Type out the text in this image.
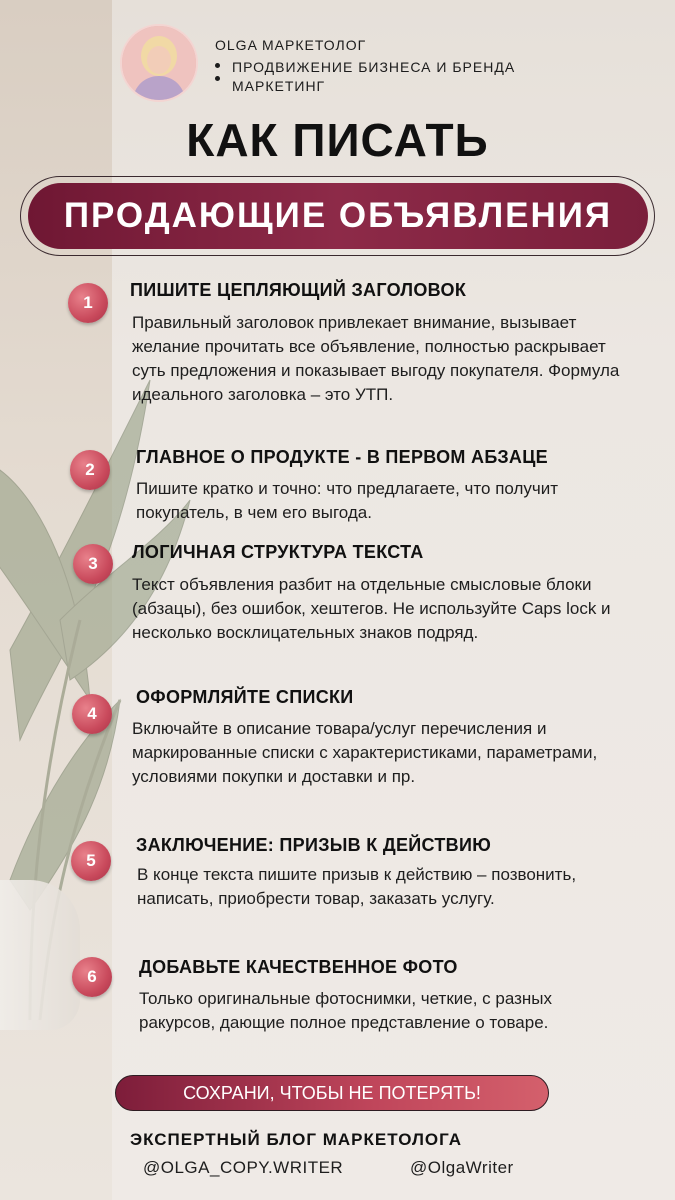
OLGA МАРКЕТОЛОГ
ПРОДВИЖЕНИЕ БИЗНЕСА И БРЕНДА МАРКЕТИНГ
КАК ПИСАТЬ
ПРОДАЮЩИЕ ОБЪЯВЛЕНИЯ
1
ПИШИТЕ ЦЕПЛЯЮЩИЙ ЗАГОЛОВОК
Правильный заголовок привлекает внимание, вызывает желание прочитать все объявление, полностью раскрывает суть предложения и показывает выгоду покупателя. Формула идеального заголовка – это УТП.
2
ГЛАВНОЕ О ПРОДУКТЕ - В ПЕРВОМ АБЗАЦЕ
Пишите кратко и точно: что предлагаете, что получит покупатель, в чем его выгода.
3
ЛОГИЧНАЯ СТРУКТУРА ТЕКСТА
Текст объявления разбит на отдельные смысловые блоки (абзацы), без ошибок, хештегов. Не используйте Caps lock и несколько восклицательных знаков подряд.
4
ОФОРМЛЯЙТЕ СПИСКИ
Включайте в описание товара/услуг перечисления и маркированные списки с характеристиками, параметрами, условиями покупки и доставки и пр.
5
ЗАКЛЮЧЕНИЕ: ПРИЗЫВ К ДЕЙСТВИЮ
В конце текста пишите призыв к действию – позвонить, написать, приобрести товар, заказать услугу.
6	ДОБАВЬТЕ КАЧЕСТВЕННОЕ ФОТО
Только оригинальные фотоснимки, четкие, с разных ракурсов, дающие полное представление о товаре.
СОХРАНИ, ЧТОБЫ НЕ ПОТЕРЯТЬ!
ЭКСПЕРТНЫЙ БЛОГ МАРКЕТОЛОГА
@OLGA_COPY.WRITER	@OlgaWriter
